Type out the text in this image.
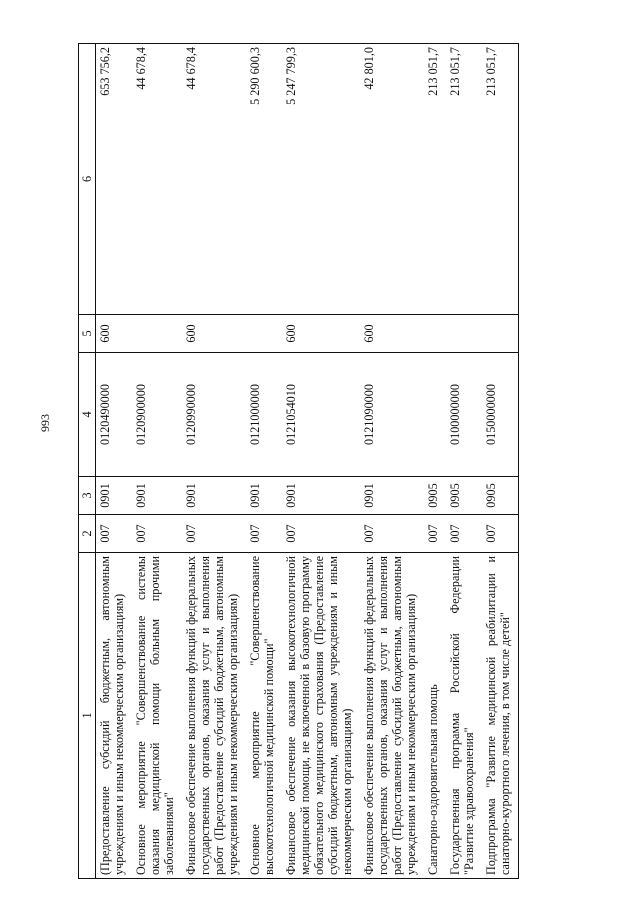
993
1	2	3	4	5	6
(Предоставление субсидий бюджетным, автономным учреждениям и иным некоммерческим организациям)	007	0901	0120490000	600	653 756,2
Основное мероприятие "Совершенствование системы оказания медицинской помощи больным прочими заболеваниями"	007	0901	0120900000		44 678,4
Финансовое обеспечение выполнения функций федеральных государственных органов, оказания услуг и выполнения работ (Предоставление субсидий бюджетным, автономным учреждениям и иным некоммерческим организациям)	007	0901	0120990000	600	44 678,4
Основное мероприятие "Совершенствование высокотехнологичной медицинской помощи"	007	0901	0121000000		5 290 600,3
Финансовое обеспечение оказания высокотехнологичной медицинской помощи, не включенной в базовую программу обязательного медицинского страхования (Предоставление субсидий бюджетным, автономным учреждениям и иным некоммерческим организациям)	007	0901	0121054010	600	5 247 799,3
Финансовое обеспечение выполнения функций федеральных государственных органов, оказания услуг и выполнения работ (Предоставление субсидий бюджетным, автономным учреждениям и иным некоммерческим организациям)	007	0901	0121090000	600	42 801,0
Санаторно-оздоровительная помощь	007	0905			213 051,7
Государственная программа Российской Федерации "Развитие здравоохранения"	007	0905	0100000000		213 051,7
Подпрограмма "Развитие медицинской реабилитации и санаторно-курортного лечения, в том числе детей"	007	0905	0150000000		213 051,7
